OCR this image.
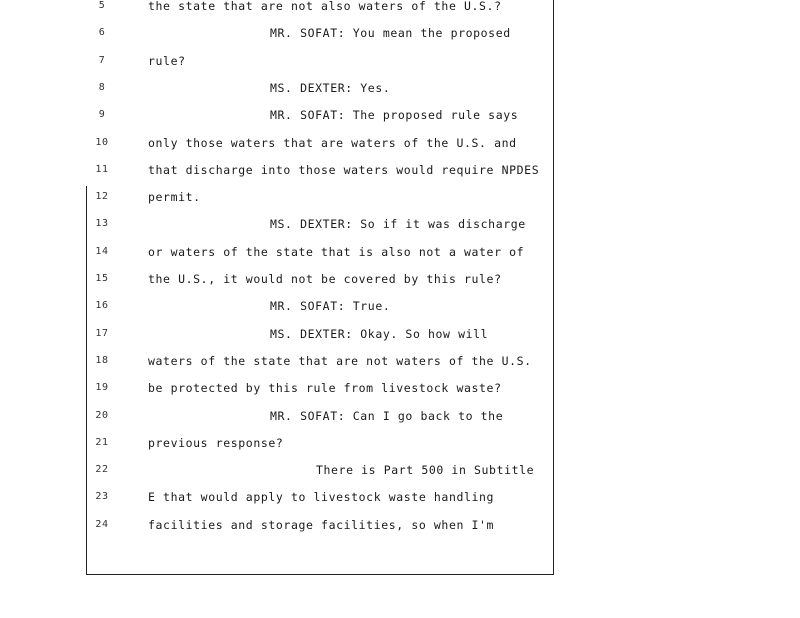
5	the state that are not also waters of the U.S.?
6	MR. SOFAT: You mean the proposed
7	rule?
8	MS. DEXTER: Yes.
9	MR. SOFAT: The proposed rule says
10	only those waters that are waters of the U.S. and
11	that discharge into those waters would require NPDES
12	permit.
13	MS. DEXTER: So if it was discharge
14	or waters of the state that is also not a water of
15	the U.S., it would not be covered by this rule?
16	MR. SOFAT: True.
17	MS. DEXTER: Okay. So how will
18	waters of the state that are not waters of the U.S.
19	be protected by this rule from livestock waste?
20	MR. SOFAT: Can I go back to the
21	previous response?
22	There is Part 500 in Subtitle
23	E that would apply to livestock waste handling
24	facilities and storage facilities, so when I'm
